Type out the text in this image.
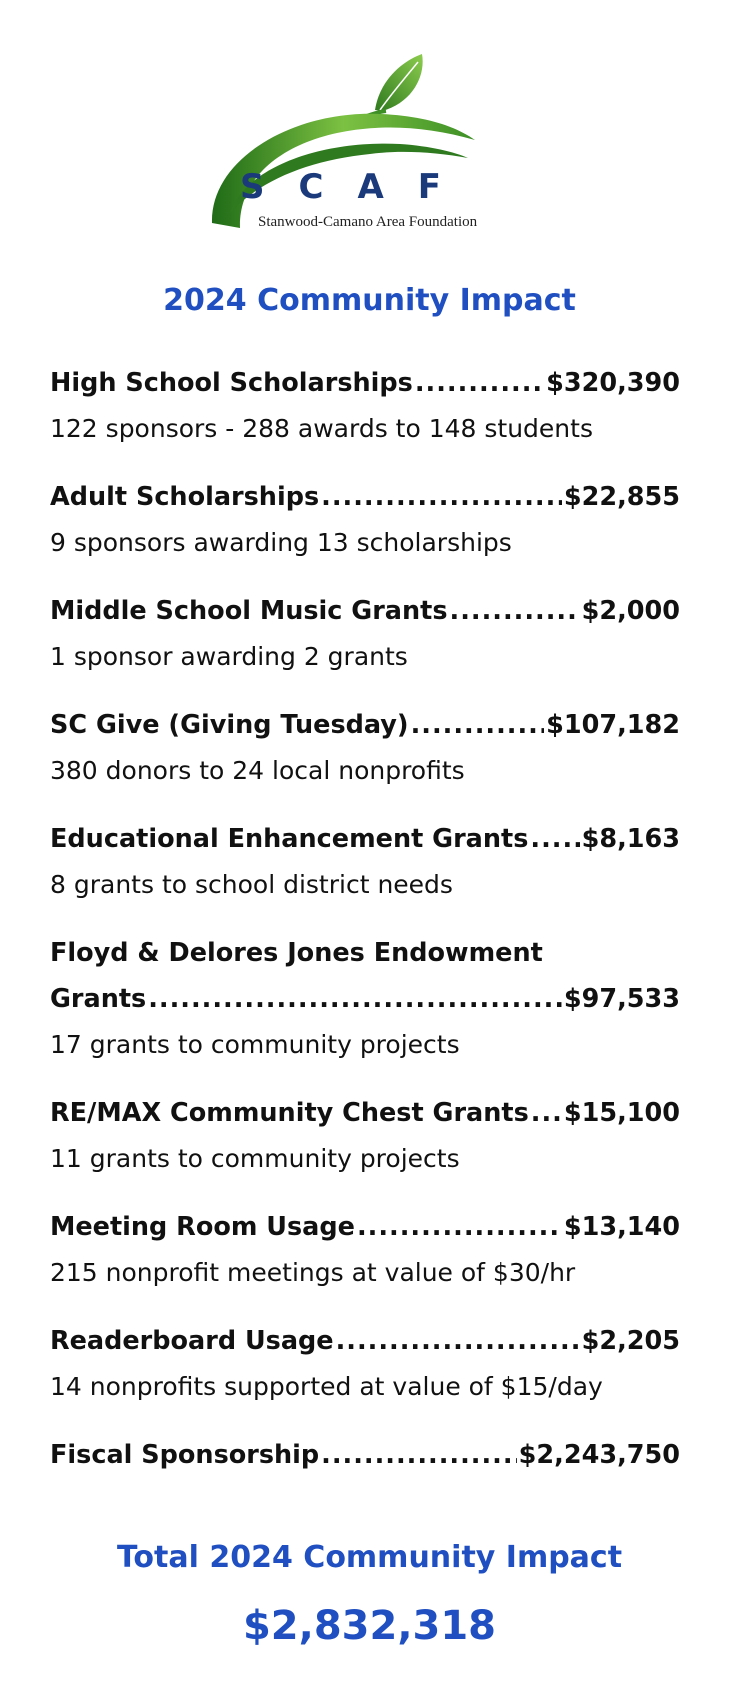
SCAF
Stanwood-Camano Area Foundation
2024 Community Impact
High School Scholarships .....	$320,390
122 sponsors - 288 awards to 148 students
Adult Scholarships .....	$22,855
9 sponsors awarding 13 scholarships
Middle School Music Grants .....	$2,000
1 sponsor awarding 2 grants
SC Give (Giving Tuesday) .....	$107,182
380 donors to 24 local nonprofits
Educational Enhancement Grants ..... $8,163
8 grants to school district needs
Floyd & Delores Jones Endowment
Grants .....	$97,533
17 grants to community projects
RE/MAX Community Chest Grants ..... $15,100
11 grants to community projects
Meeting Room Usage .....	$13,140
215 nonprofit meetings at value of $30/hr
Readerboard Usage .....	$2,205
14 nonprofits supported at value of $15/day
Fiscal Sponsorship .....	$2,243,750
Total 2024 Community Impact
$2,832,318
